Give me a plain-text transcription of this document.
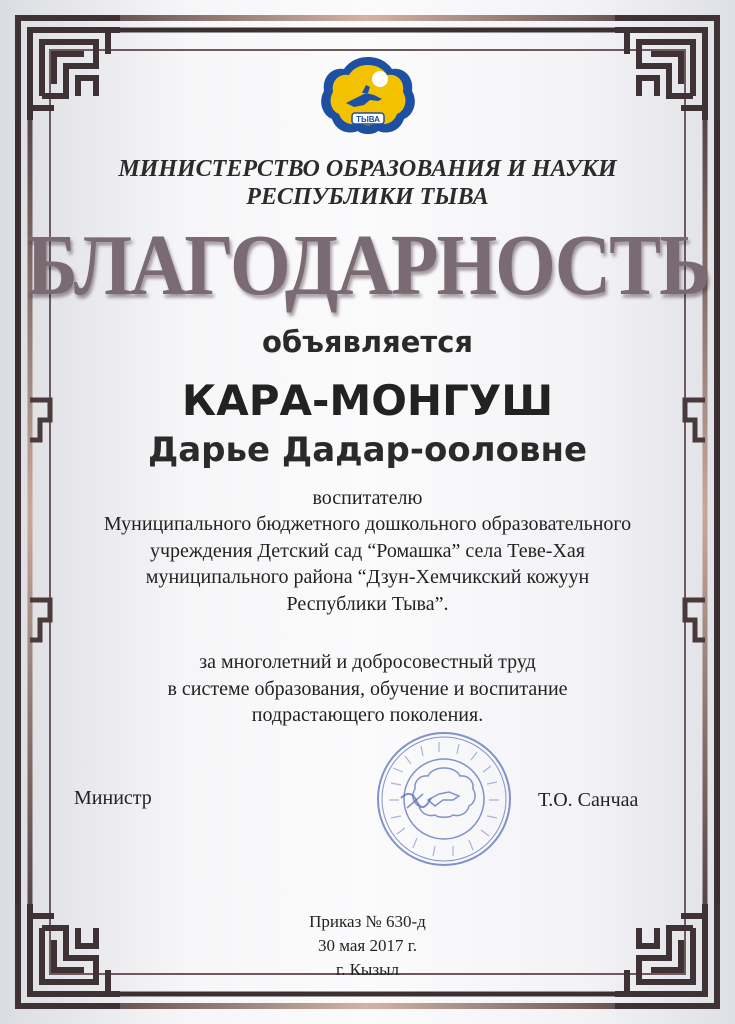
ТЫВА
МИНИСТЕРСТВО ОБРАЗОВАНИЯ И НАУКИ
РЕСПУБЛИКИ ТЫВА
БЛАГОДАРНОСТЬ
объявляется
КАРА-МОНГУШ
Дарье Дадар-ооловне
воспитателю
Муниципального бюджетного дошкольного образовательного
учреждения Детский сад “Ромашка” села Теве-Хая
муниципального района “Дзун-Хемчикский кожуун
Республики Тыва”.
за многолетний и добросовестный труд
в системе образования, обучение и воспитание
подрастающего поколения.
Министр	Т.О. Санчаа
Приказ № 630-д
30 мая 2017 г.
г. Кызыл
